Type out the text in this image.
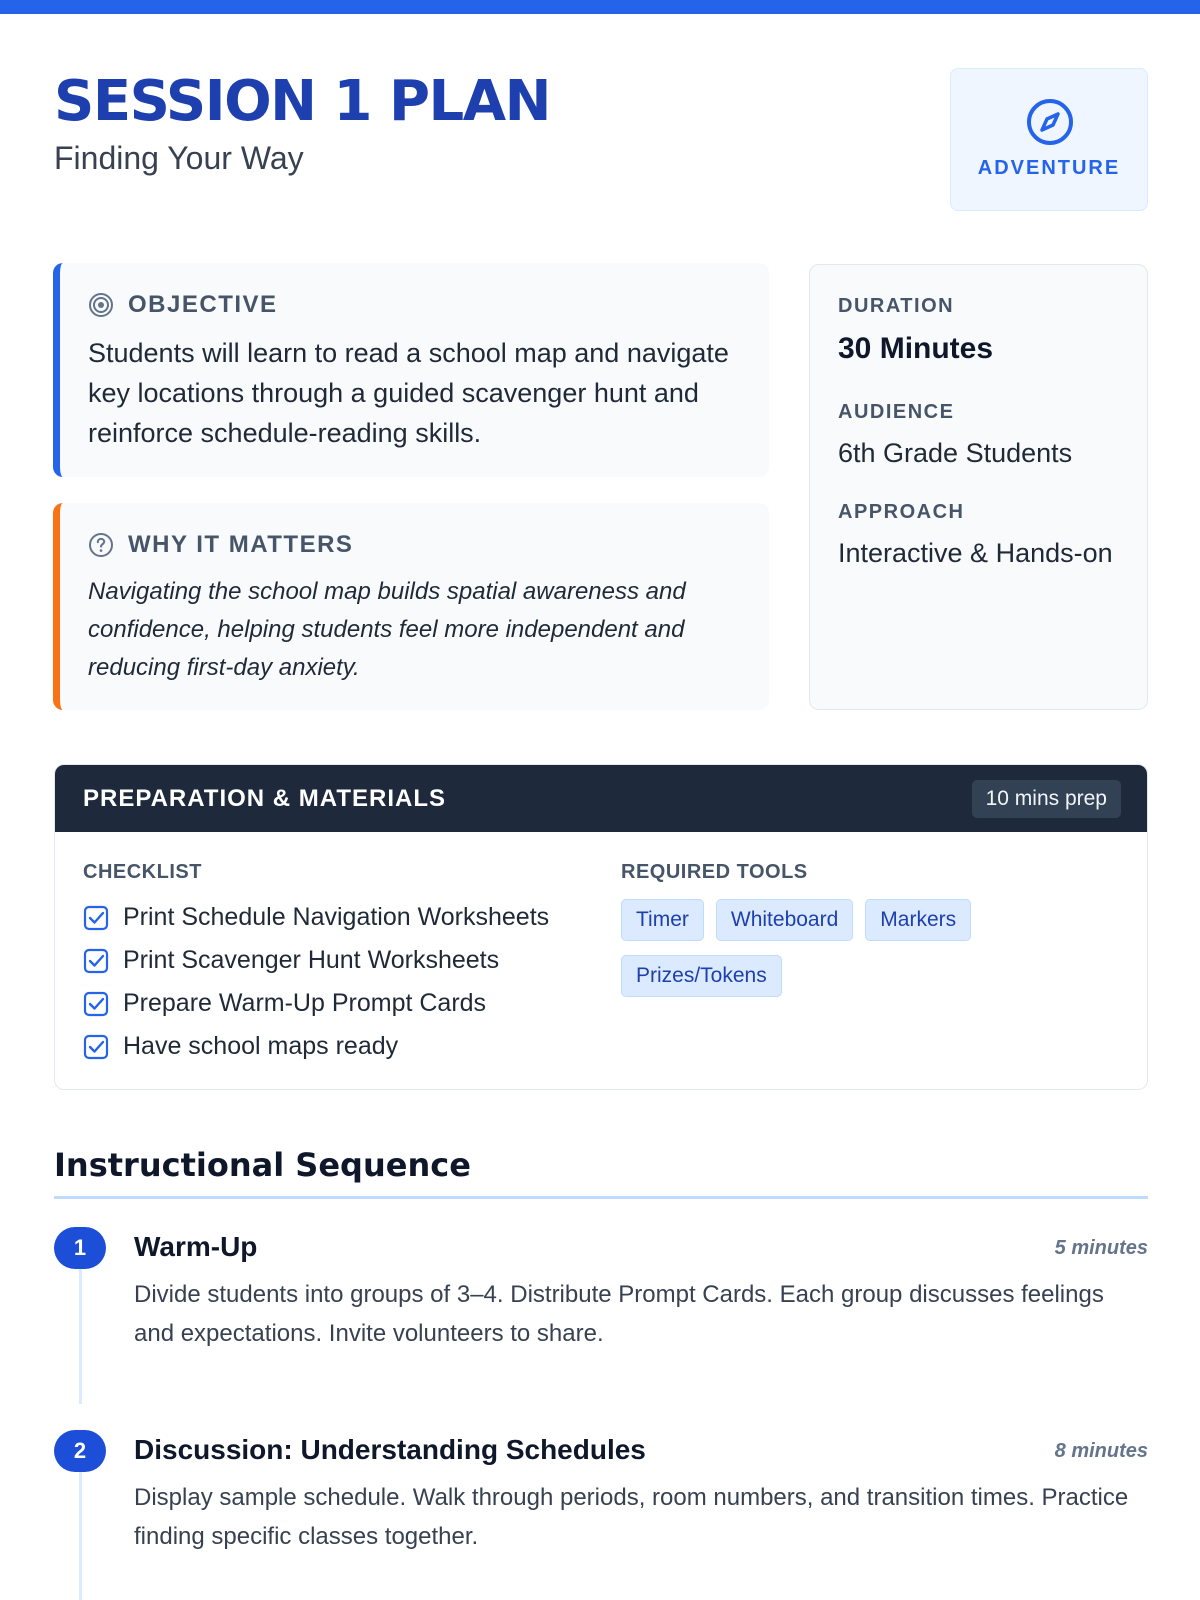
SESSION 1 PLAN
Finding Your Way	ADVENTURE
OBJECTIVE

Students will learn to read a school map and navigate key locations through a guided scavenger hunt and reinforce schedule-reading skills.

WHY IT MATTERS

Navigating the school map builds spatial awareness and confidence, helping students feel more independent and reducing first-day anxiety.

DURATION
30 Minutes
AUDIENCE
6th Grade Students
APPROACH
Interactive & Hands-on
PREPARATION & MATERIALS	10 mins prep
CHECKLIST
Print Schedule Navigation Worksheets
Print Scavenger Hunt Worksheets
Prepare Warm-Up Prompt Cards
Have school maps ready
REQUIRED TOOLS
Timer Whiteboard Markers
Prizes/Tokens
Instructional Sequence
1	Warm-Up	5 minutes

Divide students into groups of 3–4. Distribute Prompt Cards. Each group discusses feelings and expectations. Invite volunteers to share.

2	Discussion: Understanding Schedules	8 minutes

Display sample schedule. Walk through periods, room numbers, and transition times. Practice finding specific classes together.
